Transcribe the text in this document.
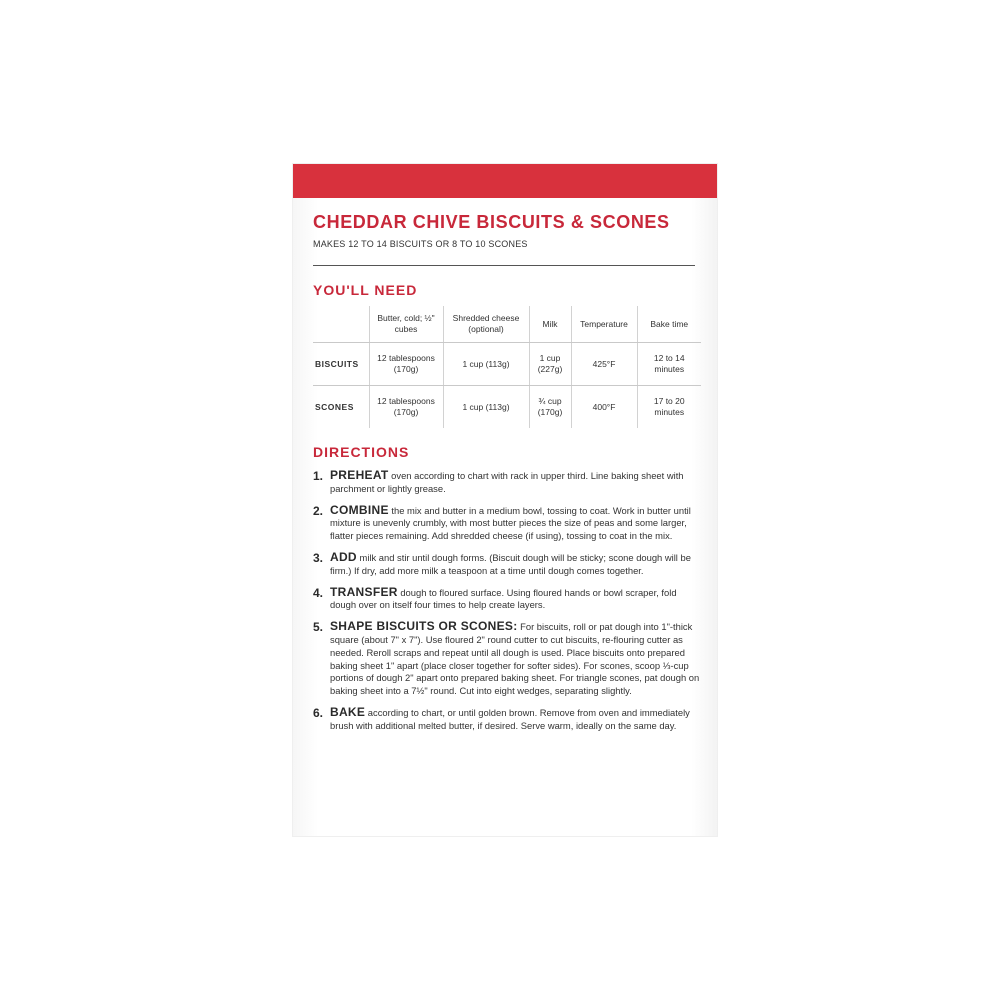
CHEDDAR CHIVE BISCUITS & SCONES
MAKES 12 TO 14 BISCUITS OR 8 TO 10 SCONES
YOU'LL NEED
	Butter, cold; ½" cubes	Shredded cheese (optional)	Milk	Temperature	Bake time
BISCUITS	12 tablespoons (170g)	1 cup (113g)	1 cup (227g)	425°F	12 to 14 minutes
SCONES	12 tablespoons (170g)	1 cup (113g)	¾ cup (170g)	400°F	17 to 20 minutes
DIRECTIONS
1. PREHEAT oven according to chart with rack in upper third. Line baking sheet with parchment or lightly grease.
2. COMBINE the mix and butter in a medium bowl, tossing to coat. Work in butter until mixture is unevenly crumbly, with most butter pieces the size of peas and some larger, flatter pieces remaining. Add shredded cheese (if using), tossing to coat in the mix.
3. ADD milk and stir until dough forms. (Biscuit dough will be sticky; scone dough will be firm.) If dry, add more milk a teaspoon at a time until dough comes together.
4. TRANSFER dough to floured surface. Using floured hands or bowl scraper, fold dough over on itself four times to help create layers.
5. SHAPE BISCUITS OR SCONES: For biscuits, roll or pat dough into 1"-thick square (about 7" x 7"). Use floured 2" round cutter to cut biscuits, re-flouring cutter as needed. Reroll scraps and repeat until all dough is used. Place biscuits onto prepared baking sheet 1" apart (place closer together for softer sides). For scones, scoop ⅓-cup portions of dough 2" apart onto prepared baking sheet. For triangle scones, pat dough on baking sheet into a 7½" round. Cut into eight wedges, separating slightly.
6. BAKE according to chart, or until golden brown. Remove from oven and immediately brush with additional melted butter, if desired. Serve warm, ideally on the same day.
